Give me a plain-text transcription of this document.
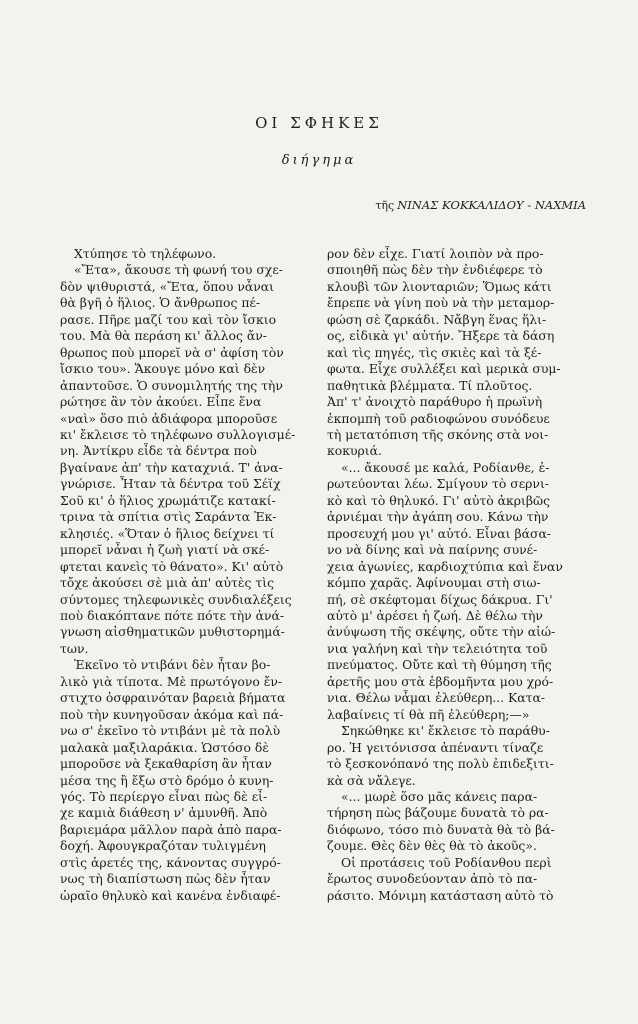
ΟΙ ΣΦΗΚΕΣ
διήγημα
τῆς ΝΙΝΑΣ ΚΟΚΚΑΛΙΔΟΥ - ΝΑΧΜΙΑ

Χτύπησε τὸ τηλέφωνο.

«Ἔτα», ἄκουσε τὴ φωνή του σχε-

δὸν ψιθυριστά, «Ἔτα, ὅπου νἆναι

θὰ βγῆ ὁ ἥλιος. Ὁ ἄνθρωπος πέ-

ρασε. Πῆρε μαζί του καὶ τὸν ἴσκιο

του. Μὰ θὰ περάση κι' ἄλλος ἄν-

θρωπος ποὺ μπορεῖ νὰ σ' ἀφίση τὸν

ἴσκιο του». Ἄκουγε μόνο καὶ δὲν

ἀπαντοῦσε. Ὁ συνομιλητής της τὴν

ρώτησε ἂν τὸν ἀκούει. Εἶπε ἕνα

«ναὶ» ὅσο πιὸ ἀδιάφορα μποροῦσε

κι' ἔκλεισε τὸ τηλέφωνο συλλογισμέ-

νη. Ἀντίκρυ εἶδε τὰ δέντρα ποὺ

βγαίνανε ἀπ' τὴν καταχνιά. Τ' ἀνα-

γνώρισε. Ἦταν τὰ δέντρα τοῦ Σέϊχ

Σοῦ κι' ὁ ἥλιος χρωμάτιζε κατακί-

τρινα τὰ σπίτια στὶς Σαράντα Ἐκ-

κλησιές. «Ὅταν ὁ ἥλιος δείχνει τί

μπορεῖ νἆναι ἡ ζωὴ γιατί νὰ σκέ-

φτεται κανεὶς τὸ θάνατο». Κι' αὐτὸ

τὄχε ἀκούσει σὲ μιὰ ἀπ' αὐτὲς τὶς

σύντομες τηλεφωνικὲς συνδιαλέξεις

ποὺ διακόπτανε πότε πότε τὴν ἀνά-

γνωση αἰσθηματικῶν μυθιστορημά-

των.

Ἐκεῖνο τὸ ντιβάνι δὲν ἦταν βο-

λικὸ γιὰ τίποτα. Μὲ πρωτόγονο ἔν-

στιχτο ὀσφραινόταν βαρειὰ βήματα

ποὺ τὴν κυνηγοῦσαν ἀκόμα καὶ πά-

νω σ' ἐκεῖνο τὸ ντιβάνι μὲ τὰ πολὺ

μαλακὰ μαξιλαράκια. Ὡστόσο δὲ

μποροῦσε νὰ ξεκαθαρίση ἂν ἦταν

μέσα της ἢ ἔξω στὸ δρόμο ὁ κυνη-

γός. Τὸ περίεργο εἶναι πὼς δὲ εἶ-

χε καμιὰ διάθεση ν' ἀμυνθῆ. Ἀπὸ

βαριεμάρα μᾶλλον παρὰ ἀπὸ παρα-

δοχή. Ἀφουγκραζόταν τυλιγμένη

στὶς ἀρετές της, κάνοντας συγγρό-

νως τὴ διαπίστωση πὼς δὲν ἦταν

ὡραῖο θηλυκὸ καὶ κανένα ἐνδιαφέ-

ρον δὲν εἶχε. Γιατί λοιπὸν νὰ προ-

σποιηθῆ πὼς δὲν τὴν ἐνδιέφερε τὸ

κλουβὶ τῶν λιονταριῶν; Ὅμως κάτι

ἔπρεπε νὰ γίνη ποὺ νὰ τὴν μεταμορ-

φώση σὲ ζαρκάδι. Νἄβγη ἕνας ἥλι-

ος, εἰδικὰ γι' αὐτήν. Ἤξερε τὰ δάση

καὶ τὶς πηγές, τὶς σκιὲς καὶ τὰ ξέ-

φωτα. Εἶχε συλλέξει καὶ μερικὰ συμ-

παθητικὰ βλέμματα. Τί πλοῦτος.

Ἀπ' τ' ἀνοιχτὸ παράθυρο ἡ πρωϊνὴ

ἐκπομπὴ τοῦ ραδιοφώνου συνόδευε

τὴ μετατόπιση τῆς σκόνης στὰ νοι-

κοκυριά.

«... ἄκουσέ με καλά, Ροδίανθε, ἐ-

ρωτεύονται λέω. Σμίγουν τὸ σερνι-

κὸ καὶ τὸ θηλυκό. Γι' αὐτὸ ἀκριβῶς

ἀρνιέμαι τὴν ἀγάπη σου. Κάνω τὴν

προσευχή μου γι' αὐτό. Εἶναι βάσα-

νο νὰ δίνης καὶ νὰ παίρνης συνέ-

χεια ἀγωνίες, καρδιοχτύπια καὶ ἕναν

κόμπο χαρᾶς. Ἀφίνουμαι στὴ σιω-

πή, σὲ σκέφτομαι δίχως δάκρυα. Γι'

αὐτὸ μ' ἀρέσει ἡ ζωή. Δὲ θέλω τὴν

ἀνύψωση τῆς σκέψης, οὔτε τὴν αἰώ-

νια γαλήνη καὶ τὴν τελειότητα τοῦ

πνεύματος. Οὔτε καὶ τὴ θύμηση τῆς

ἀρετῆς μου στὰ ἑβδομῆντα μου χρό-

νια. Θέλω νἆμαι ἐλεύθερη... Κατα-

λαβαίνεις τί θὰ πῆ ἐλεύθερη;—»

Σηκώθηκε κι' ἔκλεισε τὸ παράθυ-

ρο. Ἡ γειτόνισσα ἀπέναντι τίναζε

τὸ ξεσκονόπανό της πολὺ ἐπιδεξιτι-

κὰ σὰ νἄλεγε.

«... μωρὲ ὅσο μᾶς κάνεις παρα-

τήρηση πὼς βάζουμε δυνατὰ τὸ ρα-

διόφωνο, τόσο πιὸ δυνατὰ θὰ τὸ βά-

ζουμε. Θὲς δὲν θὲς θὰ τὸ ἀκοῦς».

Οἱ προτάσεις τοῦ Ροδίανθου περὶ

ἔρωτος συνοδεύονταν ἀπὸ τὸ πα-

ράσιτο. Μόνιμη κατάσταση αὐτὸ τὸ
